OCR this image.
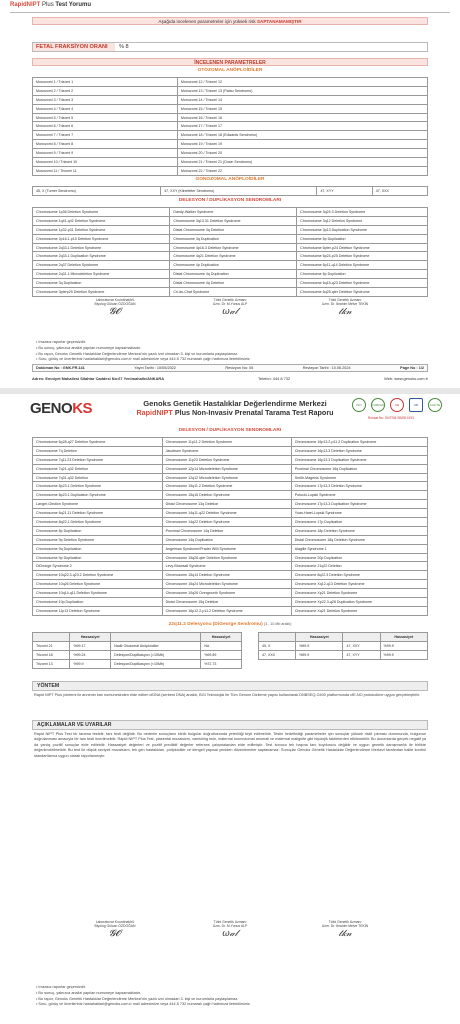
RapidNIPT Plus Test Yorumu
Aşağıda incelenen parametreler için yüksek risk SAPTANAMAMIŞTIR
FETAL FRAKSİYON ORANI	% 8
İNCELENEN PARAMETRELER
OTOZOMAL ANÖPLOİDİLER
Monozomi 1 / Trizomi 1	Monozomi 12 / Trizomi 12
Monozomi 2 / Trizomi 2	Monozomi 13 / Trizomi 13 (Patau Sendromu)
Monozomi 3 / Trizomi 3	Monozomi 14 / Trizomi 14
Monozomi 4 / Trizomi 4	Monozomi 15 / Trizomi 15
Monozomi 5 / Trizomi 5	Monozomi 16 / Trizomi 16
Monozomi 6 / Trizomi 6	Monozomi 17 / Trizomi 17
Monozomi 7 / Trizomi 7	Monozomi 18 / Trizomi 18 (Edwards Sendromu)
Monozomi 8 / Trizomi 8	Monozomi 19 / Trizomi 19
Monozomi 9 / Trizomi 9	Monozomi 20 / Trizomi 20
Monozomi 10 / Trizomi 10	Monozomi 21 / Trizomi 21 (Down Sendromu)
Monozomi 11 / Trizomi 11	Monozomi 22 / Trizomi 22
GONOZOMAL ANÖPLOİDİLER
45, X (Turner Sendromu)	47, XXY (Klinefelter Sendromu)	47, XYY	47, XXX
DELESYON / DUPLİKASYON SENDROMLARI
Chromosome 1p36 Deletion Syndrome	Dandy-Walker Syndrome	Chromosome 3q24.3 Deletion Syndrome
Chromosome 1q41-q42 Deletion Syndrome	Chromosome 3q13.31 Deletion Syndrome	Chromosome 3q12 Deletion Syndrome
Chromosome 1p32-p31 Deletion Syndrome	Distal Chromosome 3q Deletion	Chromosome 3p13 Duplication Syndrome
Chromosome 2p16.1-p15 Deletion Syndrome	Chromosome 3q Duplication	Chromosome 5p Duplication
Chromosome 2q33.1 Deletion Syndrome	Chromosome 4p16.3 Deletion Syndrome	Chromosome 6pter-p24 Deletion Syndrome
Chromosome 2q33.1 Duplication Syndrome	Chromosome 4q21 Deletion Syndrome	Chromosome 6p24-p25 Deletion Syndrome
Chromosome 2q37 Deletion Syndrome	Chromosome 4p Duplication	Chromosome 6p11-q14 Deletion Syndrome
Chromosome 2q31.1 Microdeletion Syndrome	Distal Chromosome 4q Duplication	Chromosome 6p Duplication
Chromosome 3q Duplication	Distal Chromosome 4q Deletion	Chromosome 6q15-q23 Deletion Syndrome
Chromosome 3pterp25 Deletion Syndrome	Cri-du-Chat Syndrome	Chromosome 6q25-qter Deletion Syndrome
Laboratuvar Koordinatörü
Biyolog Gülcan ÖZDOĞAN
𝓖𝓞
Tıbbi Genetik Uzmanı
Uzm. Dr. M.Yunus ALP
ω𝒶𝓁
Tıbbi Genetik Uzmanı
Uzm. Dr. İbrahim Melve TEKİN
𝓉𝓀𝓃
• Imzasız raporlar geçersizdir.
• Bu sonuç, yalnızca analizi yapılan numuneye kapsamaktadır.
• Bu rapor, Genoks Genetik Hastalıklar Değerlendirme Merkezi'nin yazılı izni olmadan 3. kişi ve kurumlarla paylaşılamaz.
• Soru, görüş ve önerileriniz hastahaklari@genoks.com.tr mail adresimize veya 444 8 732 numaralı çağrı hattımıza iletebilirsiniz.
Doküman No : GNK.FR.141	Yayın Tarihi : 10/05/2022	Revizyon No: 05	Revizyon Tarihi : 10.06.2024	Page No : 1/2
Adres: Emniyet Mahallesi Silahtar Caddesi No:67 Yenimahalle/ANKARA	Telefon: 444 8 732	Web: www.genoks.com.tr
GENOKS	Genoks Genetik Hastalıklar Değerlendirme Merkezi
RapidNIPT Plus Non-Invasiv Prenatal Tarama Test Raporu
ISO	TÜRKAK	CE	SB	KALİTE
Ruhsat No: GNTSM.SB/08.0193
DELESYON / DUPLİKASYON SENDROMLARI
Chromosome 6p28-q27 Deletion Syndrome	Chromosome 11p11.2 Deletion Syndrome	Chromosome 16p13.2-p11.2 Duplication Syndrome
Chromosome 7q Deletion	Jacobsen Syndrome	Chromosome 16p13.3 Deletion Syndrome
Chromosome 7q11.23 Deletion Syndrome	Chromosome 11p23 Deletion Syndrome	Chromosome 16p13.3 Duplication Syndrome
Chromosome 7q21-q32 Deletion	Chromosome 12p14 Microdeletion Syndrome	Proximal Chromosome 16q Duplication
Chromosome 7q31-q32 Deletion	Chromosome 12q12 Microdeletion Syndrome	Smith-Magenis Syndrome
Chromosome 8p23.1 Deletion Syndrome	Chromosome 15q11.2 Deletion Syndrome	Chromosome 17p13.3 Deletion Syndrome
Chromosome 8p23.1 Duplication Syndrome	Chromosome 15q16 Deletion Syndrome	Potocki-Lupski Syndrome
Langer-Giedion Syndrome	Distal Chromosome 13q Deletion	Chromosome 17p13.3 Duplication Syndrome
Chromosome 8q21.11 Deletion Syndrome	Chromosome 14q11-q22 Deletion Syndrome	Yuan-Harel-Lupski Syndrome
Chromosome 8q22.1 Deletion Syndrome	Chromosome 14q22 Deletion Syndrome	Chromosome 17p Duplication
Chromosome 8p Duplication	Proximal Chromosome 14q Deletion	Chromosome 18p Deletion Syndrome
Chromosome 9p Deletion Syndrome	Chromosome 14q Duplication	Distal Chromosome 18q Deletion Syndrome
Chromosome 9q Duplication	Angelman Syndrome/Prader Willi Syndrome	Alagille Syndrome 1
Chromosome 9p Duplication	Chromosome 15q26-qter Deletion Syndrome	Chromosome 20p Duplication
DiGeorge Syndrome 2	Levy-Bhansali Syndrome	Chromosome 21q22 Deletion
Chromosome 10q22.3-q23.2 Deletion Syndrome	Chromosome 15q14 Deletion Syndrome	Chromosome 8q22.3 Deletion Syndrome
Chromosome 10q26 Deletion Syndrome	Chromosome 15q24 Microdeletion Syndrome	Chromosome Xq12-q13 Deletion Syndrome
Chromosome 10q14-q11 Deletion Syndrome	Chromosome 10q26 Overgrowth Syndrome	Chromosome Xp21 Deletion Syndrome
Chromosome 10p Duplication	Distal Chromosome 15q Deletion	Chromosome Xp22.3-q28 Duplication Syndrome
Chromosome 11p13 Deletion Syndrome	Chromosome 16p12.2-p11.2 Deletion Syndrome	Chromosome Xq21 Deletion Syndrome
22q11.2 Delesyonu (DiGeorge Sendromu) (3 - 10 Mb aralık)
	Hassasiyet		Hassasiyet
Trizomi 21	%99.17	Nadir Otozomal Anöploidiler	NA
Trizomi 18	%99.24	Delesyon/Duplikasyon (>10Mb)	%99.89
Trizomi 13	%99.9	Delesyon/Duplikasyon (<10Mb)	%72.73
	Hassasiyet		Hassasiyet
45, X	%99.9	47, XXY	%99.9
47, XXX	%99.9	47, XYY	%99.9
YÖNTEM
Rapid NIPT Plus yöntemi ile annenin kan numunesinden elde edilen cfDNA (serbest DNA) analizi, BGI Teknolojisi ile Tüm Genom Dizileme yapısı kullanılarak DNBSEQ-G400 platformunda cfE-NO protokolüne uygun gerçekleştirilir.
AÇIKLAMALAR VE UYARILAR
Rapid NIPT Plus Test bir tarama testidir, tanı testi değildir. Bu nedenle sonuçların klinik bulgular doğrultusunda yeterliliği teyit edilmelidir. Testin hedeflediği parametreler için sonuçlar yüksek riskli çıkması durumunda, bulgunun doğrulanması amacıyla bir tanı testi önerilmelidir. Rapid NIPT Plus Test, plasental mozaisizm, vanishing twin, maternal kromozomal anomali ve maternal malignite gibi biyolojik faktörlerden etkilenebilir. Bu durumlarda gerçek negatif ya da yanlış pozitif sonuçlar elde edilebilir. Hassasiyet değerleri ve pozitif prediktif değerler referans çalışmalardan elde edilmiştir. Test sonucu tek başına tanı koydurucu değildir ve uygun genetik danışmanlık ile birlikte değerlendirilmelidir. Bu test ile düşük seviyeli mozaisizm, tek gen hastalıkları, poliploidiler ve dengeli yapısal yeniden düzenlemeler saptanamaz. Sonuçlar Genoks Genetik Hastalıklar Değerlendirme Merkezi tarafından kalite kontrol standartlarına uygun olarak raporlanmıştır.
Laboratuvar Koordinatörü
Biyolog Gülcan ÖZDOĞAN
𝓖𝓞
Tıbbi Genetik Uzmanı
Uzm. Dr. M.Yunus ALP
ω𝒶𝓁
Tıbbi Genetik Uzmanı
Uzm. Dr. İbrahim Melve TEKİN
𝓉𝓀𝓃
• Imzasız raporlar geçersizdir.
• Bu sonuç, yalnızca analizi yapılan numuneye kapsamaktadır.
• Bu rapor, Genoks Genetik Hastalıklar Değerlendirme Merkezi'nin yazılı izni olmadan 3. kişi ve kurumlarla paylaşılamaz.
• Soru, görüş ve önerileriniz hastahaklari@genoks.com.tr mail adresimize veya 444 8 732 numaralı çağrı hattımıza iletebilirsiniz.
